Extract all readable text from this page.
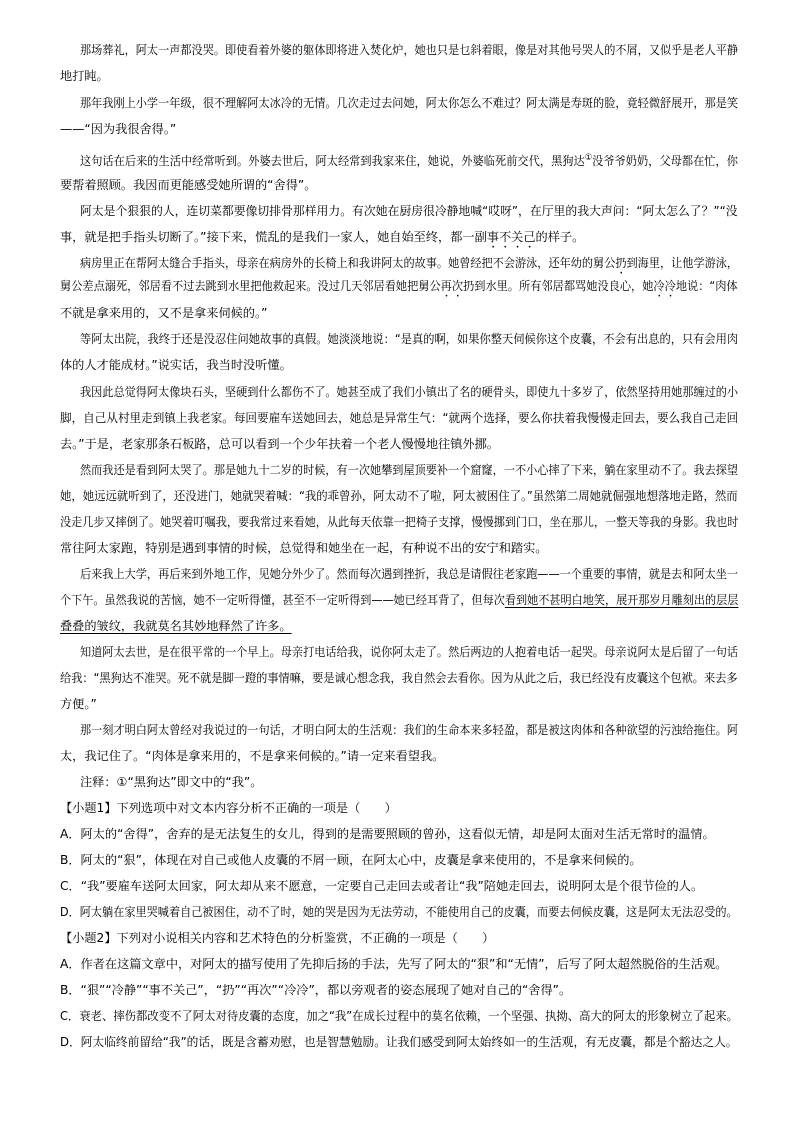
那场葬礼，阿太一声都没哭。即使看着外婆的躯体即将进入焚化炉，她也只是乜斜着眼，像是对其他号哭人的不屑，又似乎是老人平静
地打盹。
那年我刚上小学一年级，很不理解阿太冰冷的无情。几次走过去问她，阿太你怎么不难过？阿太满是寿斑的脸，竟轻微舒展开，那是笑
——“因为我很舍得。”
这句话在后来的生活中经常听到。外婆去世后，阿太经常到我家来住，她说，外婆临死前交代，黑狗达①没爷爷奶奶，父母都在忙，你
要帮着照顾。我因而更能感受她所谓的“舍得”。
阿太是个狠狠的人，连切菜都要像切排骨那样用力。有次她在厨房很冷静地喊“哎呀”，在厅里的我大声问：“阿太怎么了？”“没
事，就是把手指头切断了。”接下来，慌乱的是我们一家人，她自始至终，都一副事不关己的样子。
病房里正在帮阿太缝合手指头，母亲在病房外的长椅上和我讲阿太的故事。她曾经把不会游泳，还年幼的舅公扔到海里，让他学游泳，
舅公差点溺死，邻居看不过去跳到水里把他救起来。没过几天邻居看她把舅公再次扔到水里。所有邻居都骂她没良心，她冷冷地说：“肉体
不就是拿来用的，又不是拿来伺候的。”
等阿太出院，我终于还是没忍住问她故事的真假。她淡淡地说：“是真的啊，如果你整天伺候你这个皮囊，不会有出息的，只有会用肉
体的人才能成材。”说实话，我当时没听懂。
我因此总觉得阿太像块石头，坚硬到什么都伤不了。她甚至成了我们小镇出了名的硬骨头，即使九十多岁了，依然坚持用她那缠过的小
脚，自己从村里走到镇上我老家。每回要雇车送她回去，她总是异常生气：“就两个选择，要么你扶着我慢慢走回去，要么我自己走回
去。”于是，老家那条石板路，总可以看到一个少年扶着一个老人慢慢地往镇外挪。
然而我还是看到阿太哭了。那是她九十二岁的时候，有一次她攀到屋顶要补一个窟窿，一不小心摔了下来，躺在家里动不了。我去探望
她，她远远就听到了，还没进门，她就哭着喊：“我的乖曾孙，阿太动不了啦，阿太被困住了。”虽然第二周她就倔强地想落地走路，然而
没走几步又摔倒了。她哭着叮嘱我，要我常过来看她，从此每天依靠一把椅子支撑，慢慢挪到门口，坐在那儿，一整天等我的身影。我也时
常往阿太家跑，特别是遇到事情的时候，总觉得和她坐在一起，有种说不出的安宁和踏实。
后来我上大学，再后来到外地工作，见她分外少了。然而每次遇到挫折，我总是请假往老家跑——一个重要的事情，就是去和阿太坐一
个下午。虽然我说的苦恼，她不一定听得懂，甚至不一定听得到——她已经耳背了，但每次看到她不甚明白地笑，展开那岁月雕刻出的层层
叠叠的皱纹，我就莫名其妙地释然了许多。
知道阿太去世，是在很平常的一个早上。母亲打电话给我，说你阿太走了。然后两边的人抱着电话一起哭。母亲说阿太是后留了一句话
给我：“黑狗达不准哭。死不就是脚一蹬的事情嘛，要是诚心想念我，我自然会去看你。因为从此之后，我已经没有皮囊这个包袱。来去多
方便。”
那一刻才明白阿太曾经对我说过的一句话，才明白阿太的生活观：我们的生命本来多轻盈，都是被这肉体和各种欲望的污浊给拖住。阿
太，我记住了。“肉体是拿来用的，不是拿来伺候的。”请一定来看望我。
注释：①“黑狗达”即文中的“我”。
【小题1】下列选项中对文本内容分析不正确的一项是（　　）
A．阿太的“舍得”，舍弃的是无法复生的女儿，得到的是需要照顾的曾孙，这看似无情，却是阿太面对生活无常时的温情。
B．阿太的“狠”，体现在对自己或他人皮囊的不屑一顾，在阿太心中，皮囊是拿来使用的，不是拿来伺候的。
C．“我”要雇车送阿太回家，阿太却从来不愿意，一定要自己走回去或者让“我”陪她走回去，说明阿太是个很节俭的人。
D．阿太躺在家里哭喊着自己被困住，动不了时，她的哭是因为无法劳动，不能使用自己的皮囊，而要去伺候皮囊，这是阿太无法忍受的。
【小题2】下列对小说相关内容和艺术特色的分析鉴赏，不正确的一项是（　　）
A．作者在这篇文章中，对阿太的描写使用了先抑后扬的手法，先写了阿太的“狠”和“无情”，后写了阿太超然脱俗的生活观。
B．“狠”“冷静”“事不关己”，“扔”“再次”“冷冷”，都以旁观者的姿态展现了她对自己的“舍得”。
C．衰老、摔伤都改变不了阿太对待皮囊的态度，加之“我”在成长过程中的莫名依赖，一个坚强、执拗、高大的阿太的形象树立了起来。
D．阿太临终前留给“我”的话，既是含蓄劝慰，也是智慧勉励。让我们感受到阿太始终如一的生活观，有无皮囊，都是个豁达之人。
